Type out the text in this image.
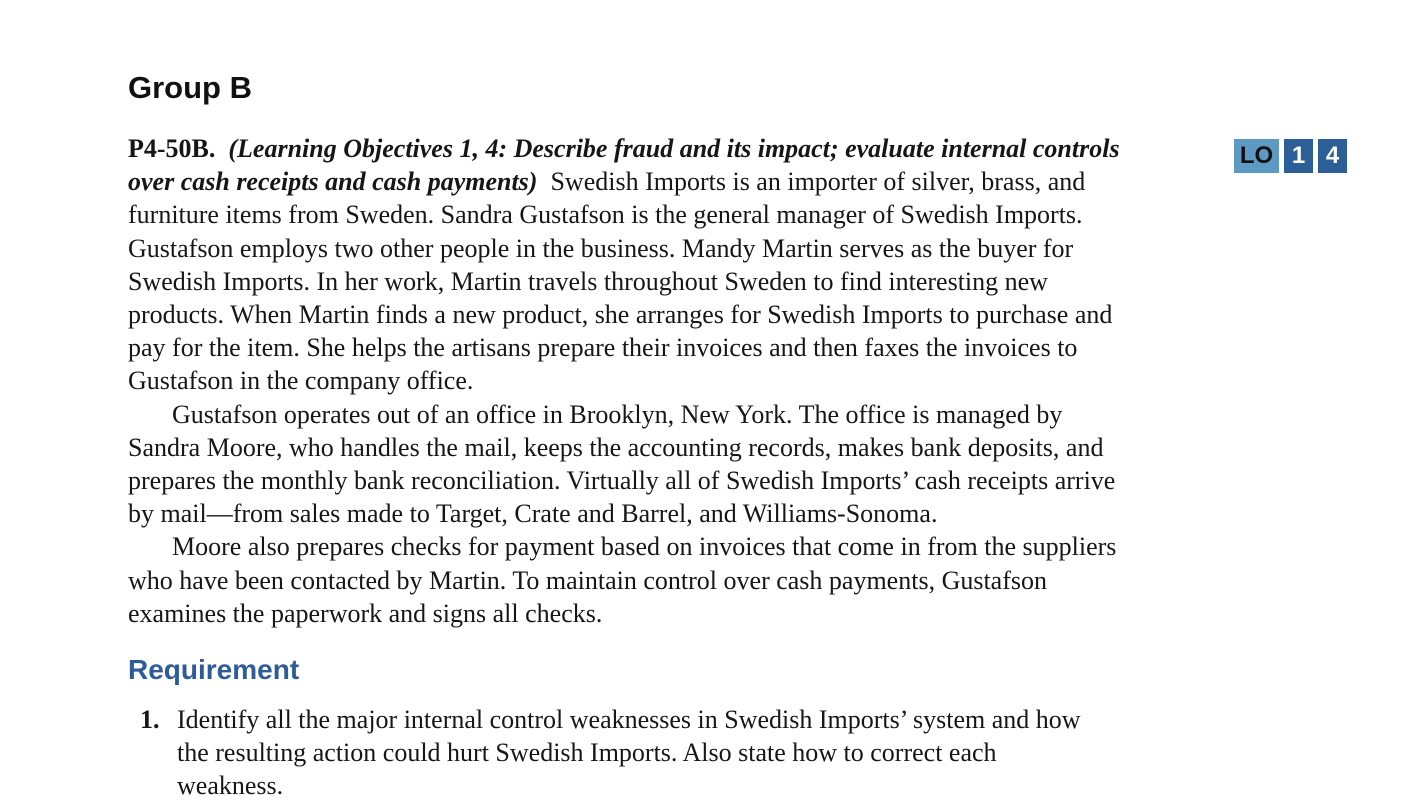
Group B
LO 1 4

P4-50B. (Learning Objectives 1, 4: Describe fraud and its impact; evaluate internal controls
over cash receipts and cash payments) Swedish Imports is an importer of silver, brass, and
furniture items from Sweden. Sandra Gustafson is the general manager of Swedish Imports.
Gustafson employs two other people in the business. Mandy Martin serves as the buyer for
Swedish Imports. In her work, Martin travels throughout Sweden to find interesting new
products. When Martin finds a new product, she arranges for Swedish Imports to purchase and
pay for the item. She helps the artisans prepare their invoices and then faxes the invoices to
Gustafson in the company office.

Gustafson operates out of an office in Brooklyn, New York. The office is managed by
Sandra Moore, who handles the mail, keeps the accounting records, makes bank deposits, and
prepares the monthly bank reconciliation. Virtually all of Swedish Imports’ cash receipts arrive
by mail—from sales made to Target, Crate and Barrel, and Williams-Sonoma.

Moore also prepares checks for payment based on invoices that come in from the suppliers
who have been contacted by Martin. To maintain control over cash payments, Gustafson
examines the paperwork and signs all checks.

Requirement
1. Identify all the major internal control weaknesses in Swedish Imports’ system and how
the resulting action could hurt Swedish Imports. Also state how to correct each
weakness.
